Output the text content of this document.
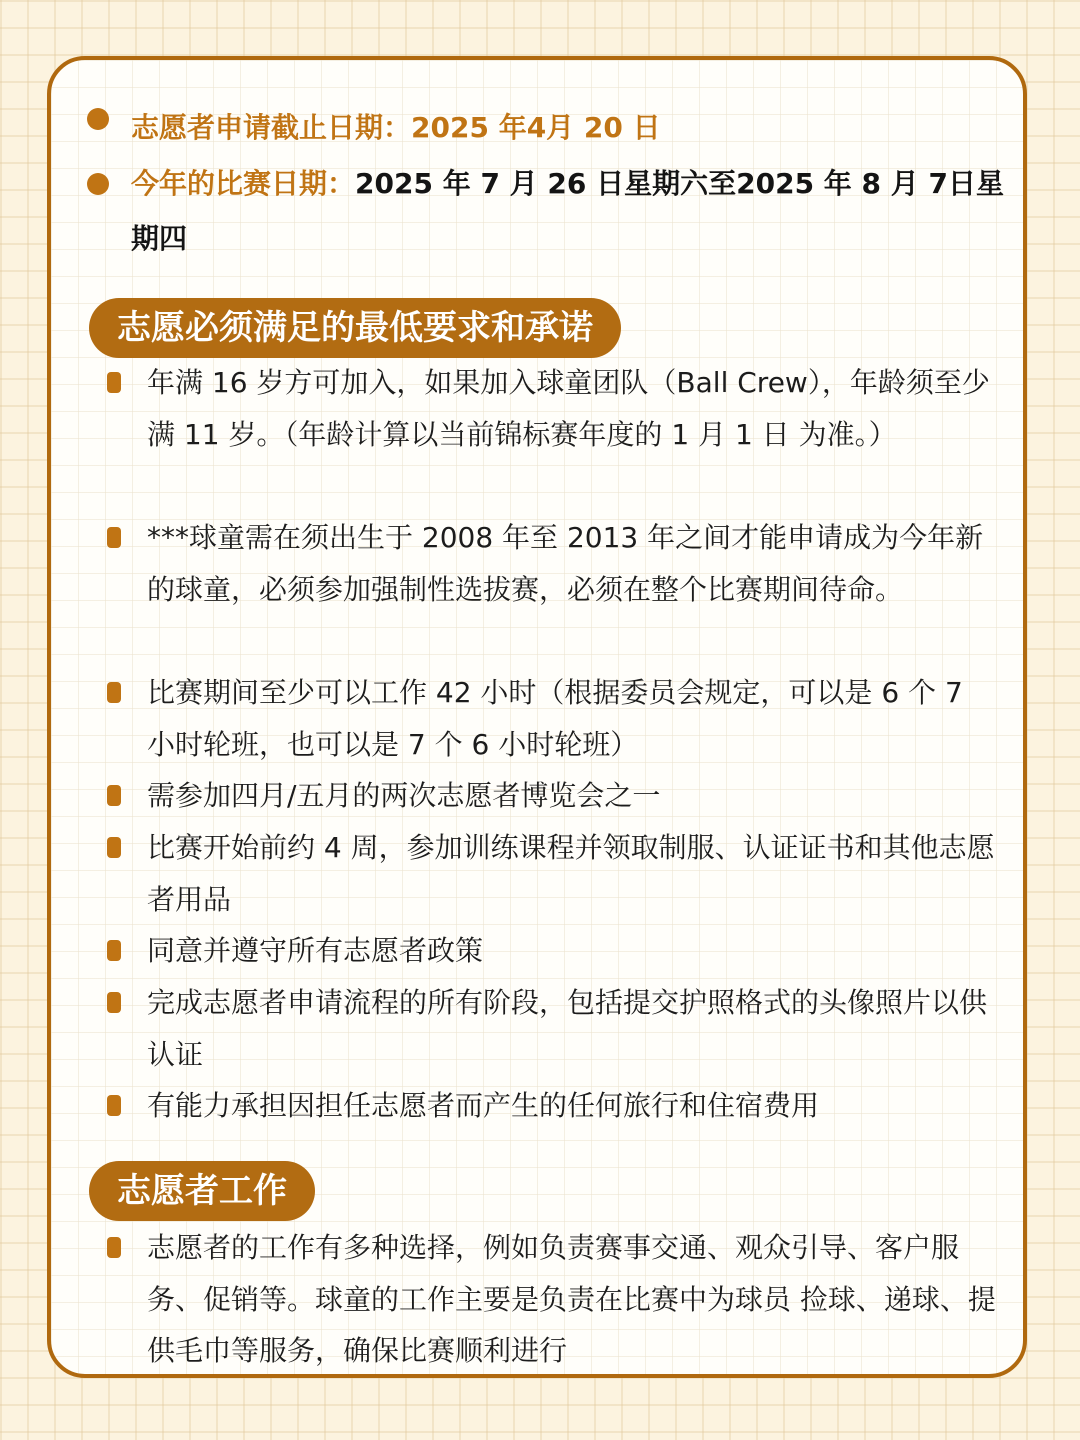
志愿者申请截止日期：2025 年4月 20 日
今年的比赛日期：2025 年 7 月 26 日星期六至2025 年 8 月 7日星期四
志愿必须满足的最低要求和承诺
年满 16 岁方可加入，如果加入球童团队（Ball Crew），年龄须至少满 11 岁。（年龄计算以当前锦标赛年度的 1 月 1 日 为准。）
***球童需在须出生于 2008 年至 2013 年之间才能申请成为今年新的球童，必须参加强制性选拔赛，必须在整个比赛期间待命。
比赛期间至少可以工作 42 小时（根据委员会规定，可以是 6 个 7 小时轮班，也可以是 7 个 6 小时轮班）
需参加四月/五月的两次志愿者博览会之一
比赛开始前约 4 周，参加训练课程并领取制服、认证证书和其他志愿者用品
同意并遵守所有志愿者政策
完成志愿者申请流程的所有阶段，包括提交护照格式的头像照片以供认证
有能力承担因担任志愿者而产生的任何旅行和住宿费用
志愿者工作
志愿者的工作有多种选择，例如负责赛事交通、观众引导、客户服务、促销等。球童的工作主要是负责在比赛中为球员 捡球、递球、提供毛巾等服务，确保比赛顺利进行
